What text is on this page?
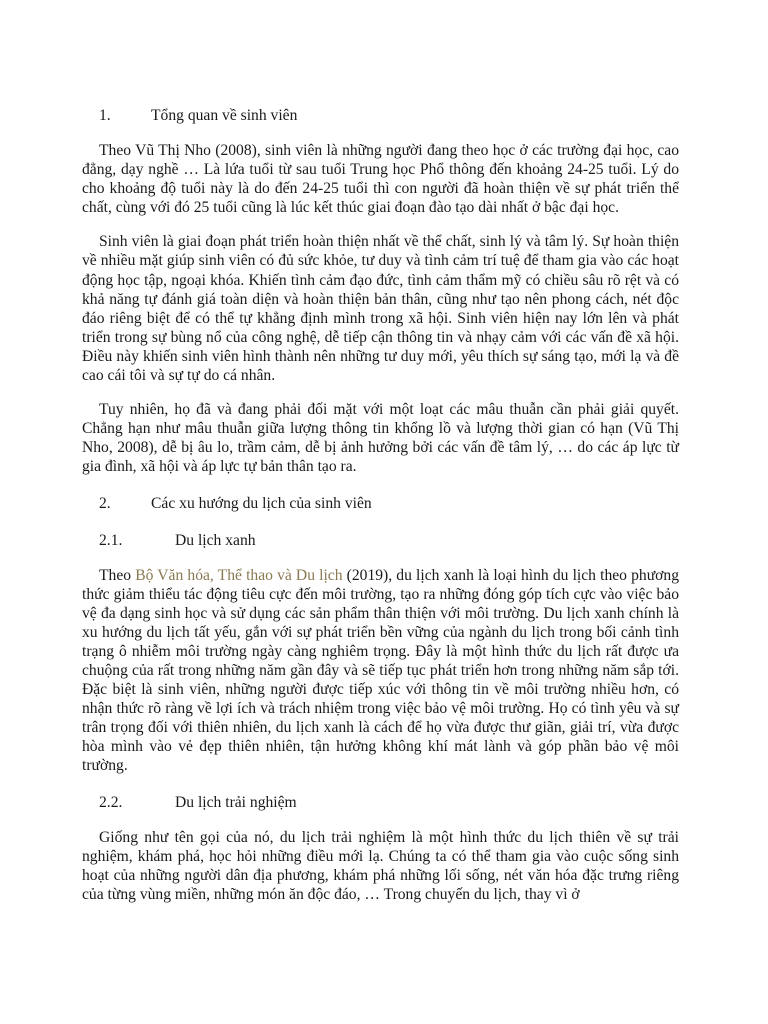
1.	Tổng quan về sinh viên

Theo Vũ Thị Nho (2008), sinh viên là những người đang theo học ở các trường đại học, cao đẳng, dạy nghề … Là lứa tuổi từ sau tuổi Trung học Phổ thông đến khoảng 24-25 tuổi. Lý do cho khoảng độ tuổi này là do đến 24-25 tuổi thì con người đã hoàn thiện về sự phát triển thể chất, cùng với đó 25 tuổi cũng là lúc kết thúc giai đoạn đào tạo dài nhất ở bậc đại học.

Sinh viên là giai đoạn phát triển hoàn thiện nhất về thể chất, sinh lý và tâm lý. Sự hoàn thiện về nhiều mặt giúp sinh viên có đủ sức khỏe, tư duy và tình cảm trí tuệ để tham gia vào các hoạt động học tập, ngoại khóa. Khiến tình cảm đạo đức, tình cảm thẩm mỹ có chiều sâu rõ rệt và có khả năng tự đánh giá toàn diện và hoàn thiện bản thân, cũng như tạo nên phong cách, nét độc đáo riêng biệt để có thể tự khẳng định mình trong xã hội. Sinh viên hiện nay lớn lên và phát triển trong sự bùng nổ của công nghệ, dễ tiếp cận thông tin và nhạy cảm với các vấn đề xã hội. Điều này khiến sinh viên hình thành nên những tư duy mới, yêu thích sự sáng tạo, mới lạ và đề cao cái tôi và sự tự do cá nhân.

Tuy nhiên, họ đã và đang phải đối mặt với một loạt các mâu thuẫn cần phải giải quyết. Chẳng hạn như mâu thuẫn giữa lượng thông tin khổng lồ và lượng thời gian có hạn (Vũ Thị Nho, 2008), dễ bị âu lo, trầm cảm, dễ bị ảnh hưởng bởi các vấn đề tâm lý, … do các áp lực từ gia đình, xã hội và áp lực tự bản thân tạo ra.

2.	Các xu hướng du lịch của sinh viên
2.1.	Du lịch xanh

Theo Bộ Văn hóa, Thể thao và Du lịch (2019), du lịch xanh là loại hình du lịch theo phương thức giảm thiểu tác động tiêu cực đến môi trường, tạo ra những đóng góp tích cực vào việc bảo vệ đa dạng sinh học và sử dụng các sản phẩm thân thiện với môi trường. Du lịch xanh chính là xu hướng du lịch tất yếu, gắn với sự phát triển bền vững của ngành du lịch trong bối cảnh tình trạng ô nhiễm môi trường ngày càng nghiêm trọng. Đây là một hình thức du lịch rất được ưa chuộng của rất trong những năm gần đây và sẽ tiếp tục phát triển hơn trong những năm sắp tới. Đặc biệt là sinh viên, những người được tiếp xúc với thông tin về môi trường nhiều hơn, có nhận thức rõ ràng về lợi ích và trách nhiệm trong việc bảo vệ môi trường. Họ có tình yêu và sự trân trọng đối với thiên nhiên, du lịch xanh là cách để họ vừa được thư giãn, giải trí, vừa được hòa mình vào vẻ đẹp thiên nhiên, tận hưởng không khí mát lành và góp phần bảo vệ môi trường.

2.2.	Du lịch trải nghiệm

Giống như tên gọi của nó, du lịch trải nghiệm là một hình thức du lịch thiên về sự trải nghiệm, khám phá, học hỏi những điều mới lạ. Chúng ta có thể tham gia vào cuộc sống sinh hoạt của những người dân địa phương, khám phá những lối sống, nét văn hóa đặc trưng riêng của từng vùng miền, những món ăn độc đáo, … Trong chuyến du lịch, thay vì ở
